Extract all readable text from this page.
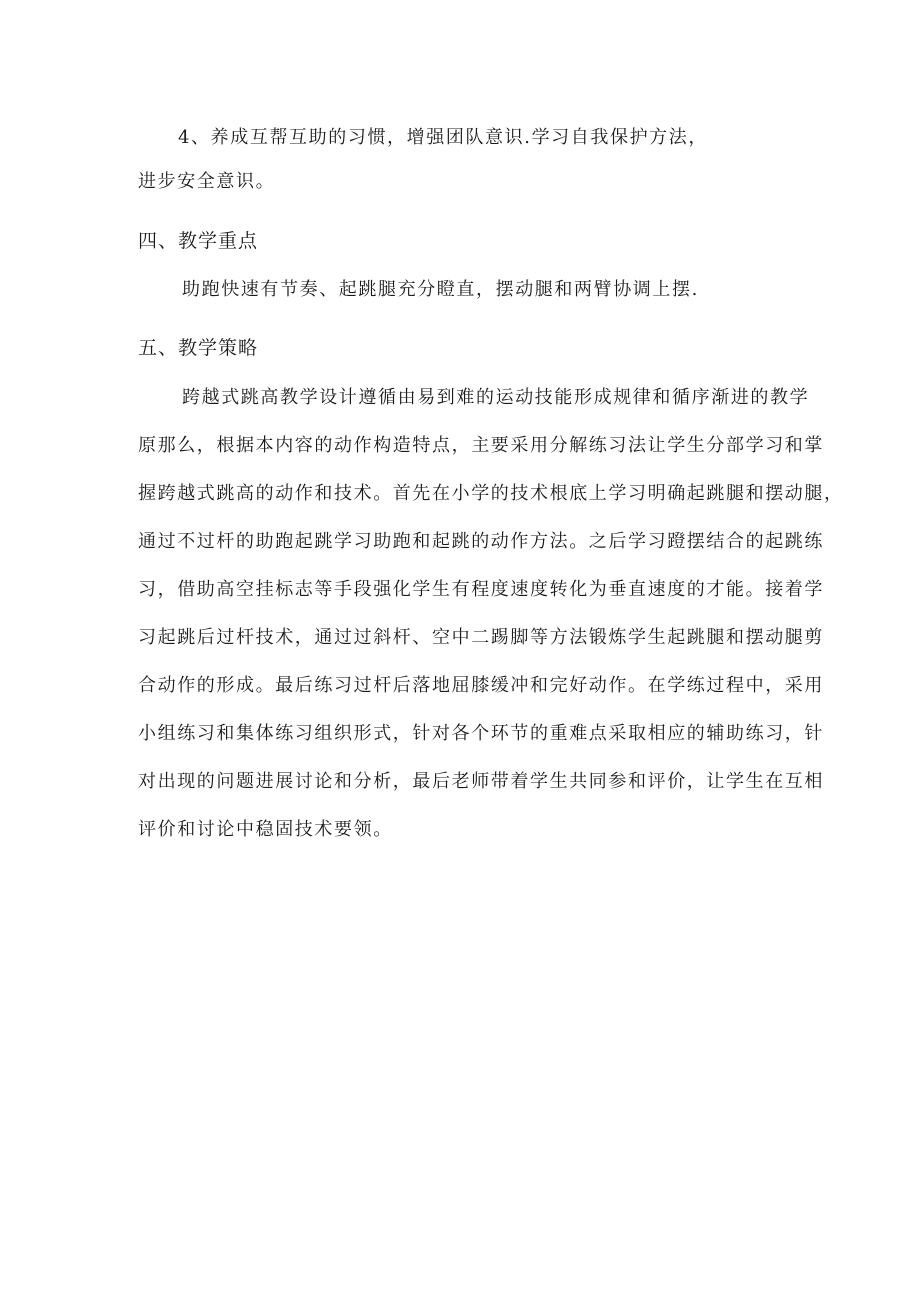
4、养成互帮互助的习惯，增强团队意识.学习自我保护方法，
进步安全意识。
四、教学重点
助跑快速有节奏、起跳腿充分瞪直，摆动腿和两臂协调上摆.
五、教学策略
跨越式跳高教学设计遵循由易到难的运动技能形成规律和循序渐进的教学
原那么，根据本内容的动作构造特点，主要采用分解练习法让学生分部学习和掌
握跨越式跳高的动作和技术。首先在小学的技术根底上学习明确起跳腿和摆动腿，
通过不过杆的助跑起跳学习助跑和起跳的动作方法。之后学习蹬摆结合的起跳练
习，借助高空挂标志等手段强化学生有程度速度转化为垂直速度的才能。接着学
习起跳后过杆技术，通过过斜杆、空中二踢脚等方法锻炼学生起跳腿和摆动腿剪
合动作的形成。最后练习过杆后落地屈膝缓冲和完好动作。在学练过程中，采用
小组练习和集体练习组织形式，针对各个环节的重难点采取相应的辅助练习，针
对出现的问题进展讨论和分析，最后老师带着学生共同参和评价，让学生在互相
评价和讨论中稳固技术要领。
